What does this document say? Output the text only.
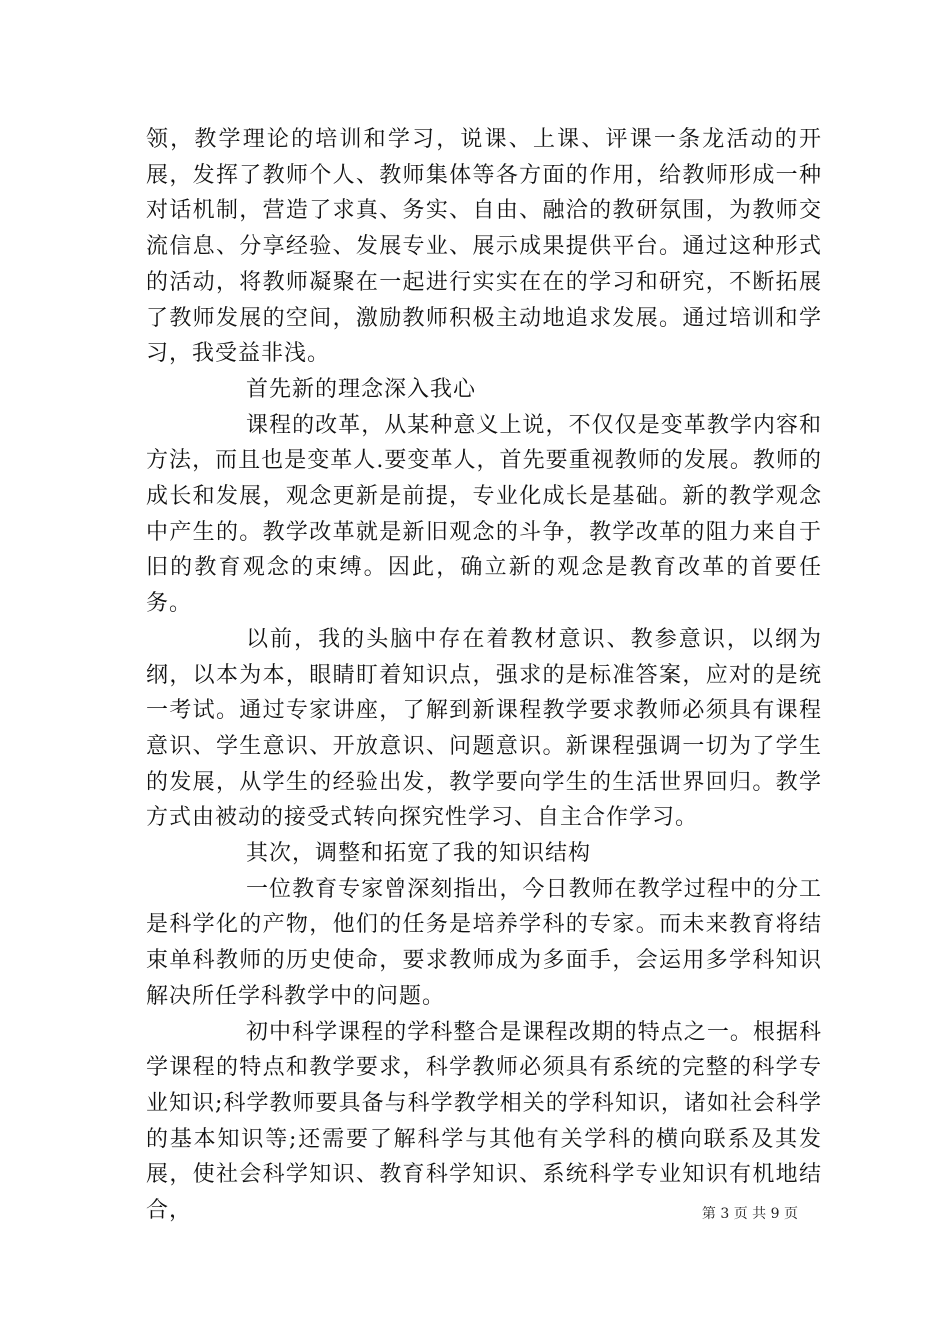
领，教学理论的培训和学习，说课、上课、评课一条龙活动的开展，发挥了教师个人、教师集体等各方面的作用，给教师形成一种对话机制，营造了求真、务实、自由、融洽的教研氛围，为教师交流信息、分享经验、发展专业、展示成果提供平台。通过这种形式的活动，将教师凝聚在一起进行实实在在的学习和研究，不断拓展了教师发展的空间，激励教师积极主动地追求发展。通过培训和学习，我受益非浅。

首先新的理念深入我心

课程的改革，从某种意义上说，不仅仅是变革教学内容和方法，而且也是变革人.要变革人，首先要重视教师的发展。教师的成长和发展，观念更新是前提，专业化成长是基础。新的教学观念中产生的。教学改革就是新旧观念的斗争，教学改革的阻力来自于旧的教育观念的束缚。因此，确立新的观念是教育改革的首要任务。

以前，我的头脑中存在着教材意识、教参意识，以纲为纲，以本为本，眼睛盯着知识点，强求的是标准答案，应对的是统一考试。通过专家讲座，了解到新课程教学要求教师必须具有课程意识、学生意识、开放意识、问题意识。新课程强调一切为了学生的发展，从学生的经验出发，教学要向学生的生活世界回归。教学方式由被动的接受式转向探究性学习、自主合作学习。

其次，调整和拓宽了我的知识结构

一位教育专家曾深刻指出，今日教师在教学过程中的分工是科学化的产物，他们的任务是培养学科的专家。而未来教育将结束单科教师的历史使命，要求教师成为多面手，会运用多学科知识解决所任学科教学中的问题。

初中科学课程的学科整合是课程改期的特点之一。根据科学课程的特点和教学要求，科学教师必须具有系统的完整的科学专业知识;科学教师要具备与科学教学相关的学科知识，诸如社会科学的基本知识等;还需要了解科学与其他有关学科的横向联系及其发展，使社会科学知识、教育科学知识、系统科学专业知识有机地结合，	第 3 页 共 9 页
